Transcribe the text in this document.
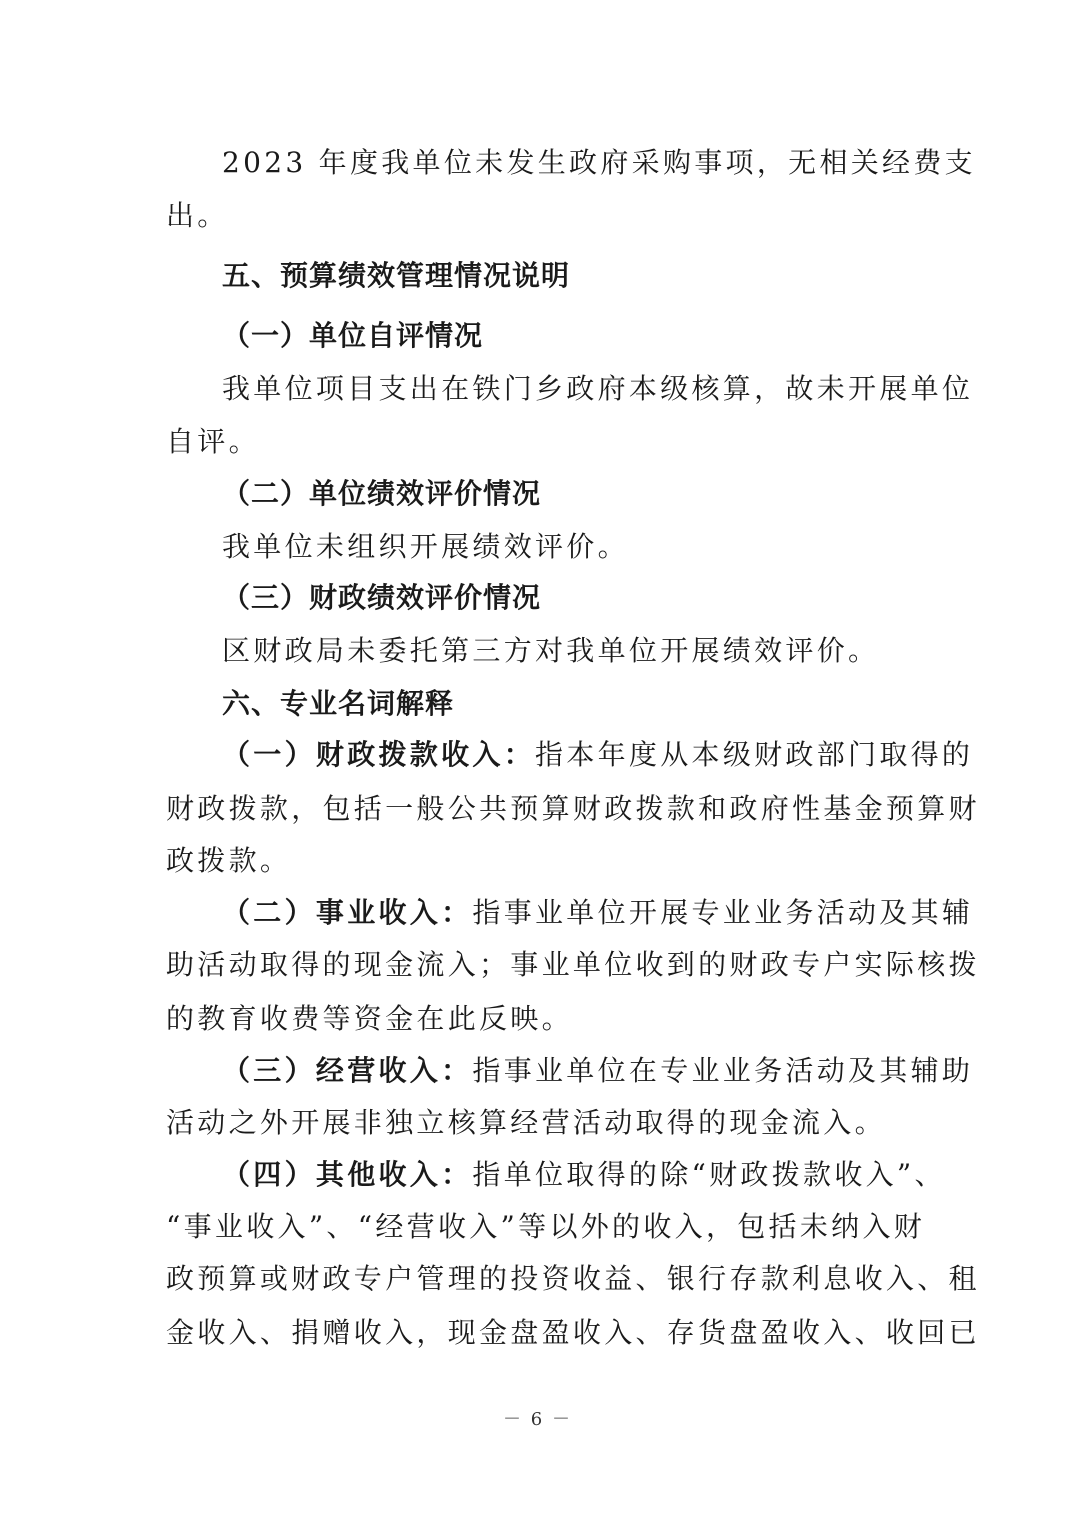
2023 年度我单位未发生政府采购事项，无相关经费支
出。
五、预算绩效管理情况说明
（一）单位自评情况
我单位项目支出在铁门乡政府本级核算，故未开展单位
自评。
（二）单位绩效评价情况
我单位未组织开展绩效评价。
（三）财政绩效评价情况
区财政局未委托第三方对我单位开展绩效评价。
六、专业名词解释
（一）财政拨款收入：指本年度从本级财政部门取得的
财政拨款，包括一般公共预算财政拨款和政府性基金预算财
政拨款。
（二）事业收入：指事业单位开展专业业务活动及其辅
助活动取得的现金流入；事业单位收到的财政专户实际核拨
的教育收费等资金在此反映。
（三）经营收入：指事业单位在专业业务活动及其辅助
活动之外开展非独立核算经营活动取得的现金流入。
（四）其他收入：指单位取得的除“财政拨款收入”、
“事业收入”、“经营收入”等以外的收入，包括未纳入财
政预算或财政专户管理的投资收益、银行存款利息收入、租
金收入、捐赠收入，现金盘盈收入、存货盘盈收入、收回已
－ 6 －
